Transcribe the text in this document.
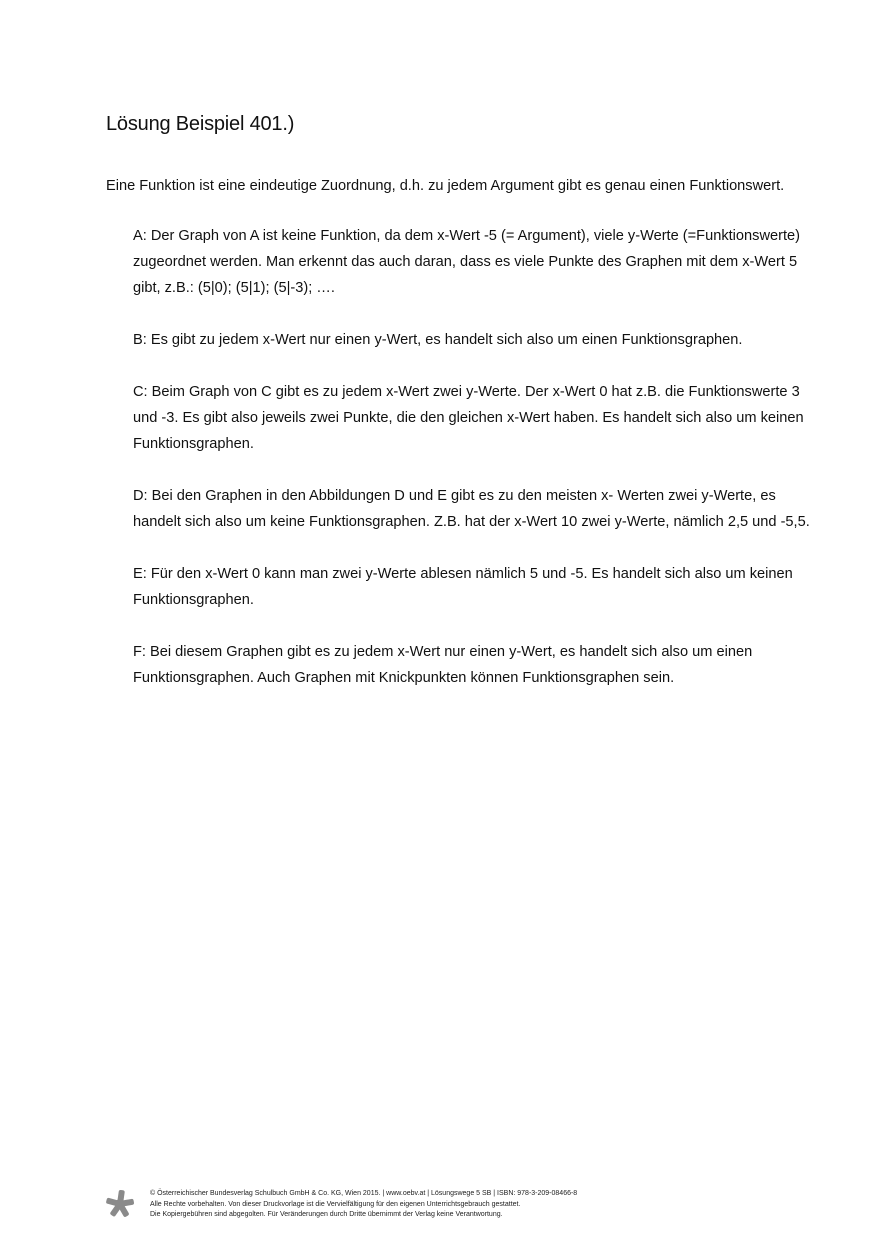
Lösung Beispiel 401.)

Eine Funktion ist eine eindeutige Zuordnung, d.h. zu jedem Argument gibt es genau einen Funktionswert.

A: Der Graph von A ist keine Funktion, da dem x-Wert -5 (= Argument), viele y-Werte (=Funktionswerte) zugeordnet werden. Man erkennt das auch daran, dass es viele Punkte des Graphen mit dem x-Wert 5 gibt, z.B.: (5|0); (5|1); (5|-3); ….
B: Es gibt zu jedem x-Wert nur einen y-Wert, es handelt sich also um einen Funktionsgraphen.
C: Beim Graph von C gibt es zu jedem x-Wert zwei y-Werte. Der x-Wert 0 hat z.B. die Funktionswerte 3 und -3. Es gibt also jeweils zwei Punkte, die den gleichen x-Wert haben. Es handelt sich also um keinen Funktionsgraphen.
D: Bei den Graphen in den Abbildungen D und E gibt es zu den meisten x- Werten zwei y-Werte, es handelt sich also um keine Funktionsgraphen. Z.B. hat der x-Wert 10 zwei y-Werte, nämlich 2,5 und -5,5.
E: Für den x-Wert 0 kann man zwei y-Werte ablesen nämlich 5 und -5. Es handelt sich also um keinen Funktionsgraphen.
F: Bei diesem Graphen gibt es zu jedem x-Wert nur einen y-Wert, es handelt sich also um einen Funktionsgraphen. Auch Graphen mit Knickpunkten können Funktionsgraphen sein.
© Österreichischer Bundesverlag Schulbuch GmbH & Co. KG, Wien 2015. | www.oebv.at | Lösungswege 5 SB | ISBN: 978-3-209-08466-8
Alle Rechte vorbehalten. Von dieser Druckvorlage ist die Vervielfältigung für den eigenen Unterrichtsgebrauch gestattet.
Die Kopiergebühren sind abgegolten. Für Veränderungen durch Dritte übernimmt der Verlag keine Verantwortung.
